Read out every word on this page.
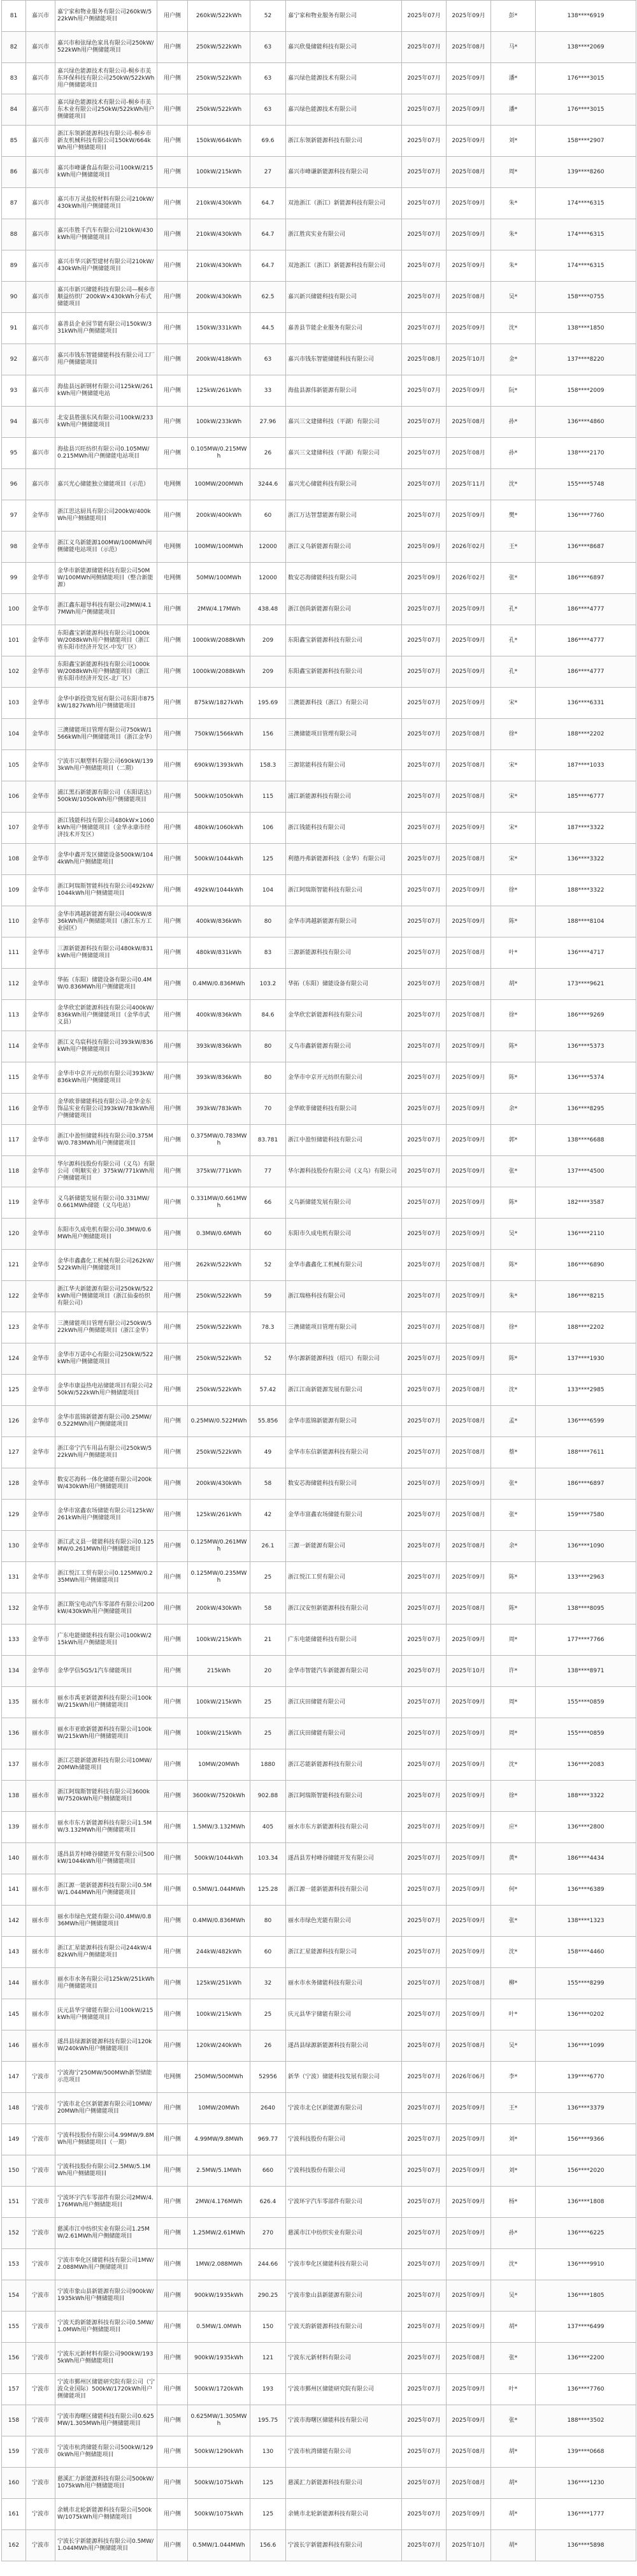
81	嘉兴市	嘉宁家和物业服务有限公司260kW/522kWh用户侧储能项目	用户侧	260kW/522kWh	52	嘉宁家和物业服务有限公司	2025年07月	2025年09月	彭*	138****6919
82	嘉兴市	嘉兴市和弦绿色家具有限公司250kW/522kWh用户侧储能项目	用户侧	250kW/522kWh	63	嘉兴欣曼储能科技有限公司	2025年07月	2025年08月	马*	138****2069
83	嘉兴市	嘉兴绿色能源技术有限公司-桐乡市美东环保科技有限公司250kW/522kWh用户侧储能项目	用户侧	250kW/522kWh	63	嘉兴绿色能源技术有限公司	2025年07月	2025年09月	潘*	176****3015
84	嘉兴市	嘉兴绿色能源技术有限公司-桐乡市美东木业有限公司250kW/522kWh用户侧储能项目	用户侧	250kW/522kWh	63	嘉兴绿色能源技术有限公司	2025年07月	2025年09月	潘*	176****3015
85	嘉兴市	浙江东领新能源科技有限公司-桐乡市新友机械科技有限公司150kW/664kWh用户侧储能项目	用户侧	150kW/664kWh	69.6	浙江东领新能源科技有限公司	2025年07月	2025年09月	刘*	158****2907
86	嘉兴市	嘉兴市峰谦食品有限公司100kW/215kWh用户侧储能项目	用户侧	100kW/215kWh	27	嘉兴市峰谦新能源科技有限公司	2025年07月	2025年08月	周*	139****8260
87	嘉兴市	嘉兴市万灵盐胶材料有限公司210kW/430kWh用户侧储能项目	用户侧	210kW/430kWh	64.7	双池浙江（浙江）新能源科技有限公司	2025年07月	2025年09月	朱*	174****6315
88	嘉兴市	嘉兴市胜千汽车有限公司210kW/430kWh用户侧储能项目	用户侧	210kW/430kWh	64.7	浙江胜宾实业有限公司	2025年07月	2025年09月	朱*	174****6315
89	嘉兴市	嘉兴市华兴新型建材有限公司210kW/430kWh用户侧储能项目	用户侧	210kW/430kWh	64.7	双池浙江（浙江）新能源科技有限公司	2025年07月	2025年09月	朱*	174****6315
90	嘉兴市	嘉兴市新兴储能科技有限公司—桐乡市顺益纺织厂200kW×430kWh分布式储能项目	用户侧	200kW/430kWh	62.5	嘉兴新兴储能科技有限公司	2025年07月	2025年08月	吴*	158****0755
91	嘉兴市	嘉善县企业园节能有限公司150kW/331kWh用户侧储能项目	用户侧	150kW/331kWh	44.5	嘉善县节能企业服务有限公司	2025年07月	2025年09月	沈*	138****1850
92	嘉兴市	嘉兴市钱东智能储能科技有限公司工厂用户侧储能项目	用户侧	200kW/418kWh	63	嘉兴市钱东智能储能科技有限公司	2025年08月	2025年10月	金*	137****8220
93	嘉兴市	海盐县远新钢材有限公司125kW/261kWh用户侧储能电站	用户侧	125kW/261kWh	33	海盐县源伟新能源有限公司	2025年07月	2025年09月	阮*	158****2009
94	嘉兴市	北安县胜强东风有限公司100kW/233kWh用户侧储能项目	用户侧	100kW/233kWh	27.96	嘉兴三文建储科技（平湖）有限公司	2025年07月	2025年08月	孙*	136****4860
95	嘉兴市	海盐县兴旺纺织有限公司0.105MW/0.215MWh用户侧储能电站项目	用户侧	0.105MW/0.215MWh	26	嘉兴三文建储科技（平湖）有限公司	2025年07月	2025年08月	孙*	138****2170
96	嘉兴市	嘉兴光心储能独立储能项目（示范）	电网侧	100MW/200MWh	3244.6	嘉兴光心储能科技有限公司	2025年07月	2025年11月	沈*	155****5748
97	金华市	浙江思达厨具有限公司200kW/400kWh用户侧储能项目	用户侧	200kW/400kWh	60	浙江万达智慧能源有限公司	2025年07月	2025年09月	樊*	136****7760
98	金华市	浙江义乌新能源100MW/100MWh网侧储能电站项目（示范）	电网侧	100MW/100MWh	12000	浙江义乌新能源有限公司	2025年09月	2026年02月	王*	136****8687
99	金华市	金华市新能源储能科技有限公司50MW/100MWh网侧储能项目（整合新能源）	电网侧	50MW/100MWh	12000	数安芯海储能科技有限公司	2025年09月	2026年02月	张*	186****6897
100	金华市	浙江鑫东超导科技有限公司2MW/4.17MWh用户侧储能项目	用户侧	2MW/4.17MWh	438.48	浙江创尚新能源有限公司	2025年07月	2025年09月	孔*	186****4777
101	金华市	东阳鑫宝新能源科技有限公司1000kW/2088kWh用户侧储能项目（浙江省东阳市经济开发区-中发厂区）	用户侧	1000kW/2088kWh	209	东阳鑫宝新能源科技有限公司	2025年07月	2025年09月	孔*	186****4777
102	金华市	东阳鑫宝新能源科技有限公司1000kW/2088kWh用户侧储能项目（浙江省东阳市经济开发区-北厂区）	用户侧	1000kW/2088kWh	209	东阳鑫宝新能源科技有限公司	2025年07月	2025年09月	孔*	186****4777
103	金华市	金华中新投资发展有限公司东阳市875kW/1827kWh用户侧储能项目	用户侧	875kW/1827kWh	195.69	三澳能源科技（浙江）有限公司	2025年07月	2025年09月	宋*	136****6331
104	金华市	三澳储能项目管理有限公司750kW/1566kWh用户侧储能项目（浙江金华）	用户侧	750kW/1566kWh	156	三澳储能项目管理有限公司	2025年07月	2025年08月	徐*	188****2202
105	金华市	宁波市兴顺塑料有限公司690kW/1393kWh用户侧储能项目（二期）	用户侧	690kW/1393kWh	158.3	三源铭能科技有限公司	2025年07月	2025年08月	宋*	187****1033
106	金华市	浦江黑石新能源有限公司（东阳诺达）500kW/1050kWh用户侧储能项目	用户侧	500kW/1050kWh	115	浦江新能源科技有限公司	2025年07月	2025年08月	宋*	185****6777
107	金华市	浙江钱能科技有限公司480kW×1060kWh用户侧储能项目（金华永康市经济技术开发区）	用户侧	480kW/1060kWh	106	浙江钱能科技有限公司	2025年07月	2025年09月	宋*	187****3322
108	金华市	金华中鑫开发区储能设备500kW/1044kWh用户侧储能项目	用户侧	500kW/1044kWh	125	利德丹弗新能源科技（金华）有限公司	2025年07月	2025年08月	宋*	136****3322
109	金华市	浙江阿瑞斯智能科技有限公司492kW/1044kWh用户侧储能项目	用户侧	492kW/1044kWh	104	浙江阿瑞斯智能科技有限公司	2025年07月	2025年09月	徐*	188****3322
110	金华市	金华市鸿越新能源有限公司400kW/836kWh用户侧储能项目（浙江东方工业园区）	用户侧	400kW/836kWh	80	金华市鸿越新能源有限公司	2025年07月	2025年09月	陈*	188****8104
111	金华市	三源新能源科技有限公司480kW/831kWh用户侧储能项目	用户侧	480kW/831kWh	83	三源新能源科技有限公司	2025年07月	2025年08月	叶*	136****4717
112	金华市	华拓（东阳）储能设备有限公司0.4MW/0.836MWh用户侧储能项目	用户侧	0.4MW/0.836MWh	103.2	华拓（东阳）储能设备有限公司	2025年07月	2025年08月	胡*	173****9621
113	金华市	金华欣宏新能源科技有限公司400kW/836kWh用户侧储能项目（金华市武义县）	用户侧	400kW/836kWh	84.6	金华欣宏新能源科技有限公司	2025年07月	2025年08月	徐*	186****9269
114	金华市	浙江义乌宸科技有限公司393kW/836kWh用户侧储能项目	用户侧	393kW/836kWh	80	义乌市鑫新能源有限公司	2025年07月	2025年09月	陈*	136****5373
115	金华市	金华市中京开元纺织有限公司393kW/836kWh用户侧储能项目	用户侧	393kW/836kWh	80	金华市中京开元纺织有限公司	2025年07月	2025年09月	陈*	136****5374
116	金华市	金华欧菲储能科技有限公司-金华金东饰品实业有限公司393kW/783kWh用户侧储能项目	用户侧	393kW/783kWh	70	金华欧菲储能科技有限公司	2025年07月	2025年09月	余*	136****8295
117	金华市	浙江中盈恒储能科技有限公司0.375MW/0.783MWh用户侧储能项目	用户侧	0.375MW/0.783MWh	83.781	浙江中盈恒储能科技有限公司	2025年07月	2025年09月	郭*	138****6688
118	金华市	华尔源科技股份有限公司（义乌）有限公司（明顺实业）375kW/771kWh用户侧储能项目	用户侧	375kW/771kWh	77	华尔源科技股份有限公司（义乌）有限公司	2025年07月	2025年09月	张*	137****4500
119	金华市	义乌新储能发展有限公司0.331MW/0.661MWh储能（义乌电站）	用户侧	0.331MW/0.661MWh	66	义乌新储能发展有限公司	2025年07月	2025年09月	陈*	182****3587
120	金华市	东阳市久成电机有限公司0.3MW/0.6MWh用户侧储能项目	用户侧	0.3MW/0.6MWh	60	东阳市久成电机有限公司	2025年07月	2025年09月	吴*	136****2110
121	金华市	金华市鑫鑫化工机械有限公司262kW/522kWh用户侧储能项目	用户侧	262kW/522kWh	52	金华市鑫鑫化工机械有限公司	2025年07月	2025年08月	陈*	186****6890
122	金华市	浙江华夫新能源有限公司250kW/522kWh用户侧储能项目（浙江仙泰纺织有限公司）	用户侧	250kW/522kWh	59	浙江瑞格科技有限公司	2025年07月	2025年09月	朱*	186****8215
123	金华市	三澳储能项目管理有限公司250kW/522kWh用户侧储能项目（浙江金华）	用户侧	250kW/522kWh	78.3	三澳储能项目管理有限公司	2025年07月	2025年08月	徐*	188****2202
124	金华市	金华市万诺中心有限公司250kW/522kWh用户侧储能项目	用户侧	250kW/522kWh	52	华尔源新能源科技（绍兴）有限公司	2025年07月	2025年09月	陈*	137****1930
125	金华市	金华市康益热电站储能项目有限公司250kW/522kWh用户侧储能项目	用户侧	250kW/522kWh	57.42	浙江江南新能源发展有限公司	2025年07月	2025年08月	沈*	133****2985
126	金华市	金华市蓝锦新能源有限公司0.25MW/0.522MWh用户侧储能项目	用户侧	0.25MW/0.522MWh	55.856	金华市蓝锦新能源有限公司	2025年07月	2025年08月	孟*	136****6599
127	金华市	浙江帝宁汽车用品有限公司250kW/522kWh用户侧储能项目	用户侧	250kW/522kWh	49	金华市东信新能源科技有限公司	2025年07月	2025年08月	蔡*	188****7611
128	金华市	数安芯海科一体化储能有限公司200kW/430kWh用户侧储能项目	用户侧	200kW/430kWh	58	数安芯海储能科技有限公司	2025年07月	2025年09月	张*	186****6897
129	金华市	金华市富鑫农场储能有限公司125kW/261kWh用户侧储能项目	用户侧	125kW/261kWh	42	金华市富鑫农场储能有限公司	2025年07月	2025年08月	张*	159****7580
130	金华市	浙江武义县一能能科技有限公司0.125MW/0.261MWh用户侧储能项目	用户侧	0.125MW/0.261MWh	26.1	三源一新能源有限公司	2025年07月	2025年08月	余*	136****1090
131	金华市	浙江悦江工贸有限公司0.125MW/0.235MWh用户侧储能项目	用户侧	0.125MW/0.235MWh	25	浙江悦江工贸有限公司	2025年07月	2025年09月	陈*	133****2963
132	金华市	浙江斯宝电动汽车零部件有限公司200kW/430kWh用户侧储能项目	用户侧	200kW/430kWh	58	浙江汉安恒新能源科技有限公司	2025年07月	2025年08月	陈*	138****8095
133	金华市	广东电能储能科技有限公司100kW/215kWh用户侧储能项目	用户侧	100kW/215kWh	21	广东电能储能科技有限公司	2025年07月	2025年09月	周*	177****7766
134	金华市	金华学信5G5/1汽车储能项目	用户侧	215kWh	20	金华市智能汽车新能源有限公司	2025年07月	2025年10月	许*	138****8971
135	丽水市	丽水市禹亚新能源科技有限公司100kW/215kWh用户侧储能项目	用户侧	100kW/215kWh	25	浙江庆田储能有限公司	2025年07月	2025年09月	周*	155****0859
136	丽水市	丽水市亚欧新能源科技有限公司100kW/215kWh用户侧储能项目	用户侧	100kW/215kWh	25	浙江庆田储能有限公司	2025年07月	2025年09月	周*	155****0859
137	丽水市	浙江芯能新能源科技有限公司10MW/20MWh储能项目	用户侧	10MW/20MWh	1880	浙江芯能新能源科技有限公司	2025年07月	2025年09月	沈*	136****2083
138	丽水市	浙江阿瑞斯智能科技有限公司3600kW/7520kWh用户侧储能项目	用户侧	3600kW/7520kWh	902.88	浙江阿瑞斯智能科技有限公司	2025年07月	2025年09月	徐*	188****3322
139	丽水市	丽水市东方新能源科技有限公司1.5MW/3.132MWh用户侧储能项目	用户侧	1.5MW/3.132MWh	405	丽水市东方新能源科技有限公司	2025年07月	2025年09月	应*	136****2800
140	丽水市	遂昌县芳村峰谷储能开发有限公司500kW/1044kWh用户侧储能项目	用户侧	500kW/1044kWh	103.34	遂昌县芳村峰谷储能开发有限公司	2025年07月	2025年09月	黄*	186****4434
141	丽水市	浙江源一能新能源科技有限公司0.5MW/1.044MWh用户侧储能项目	用户侧	0.5MW/1.044MWh	125.28	浙江源一能新能源科技有限公司	2025年07月	2025年09月	何*	136****6389
142	丽水市	丽水市绿色光能有限公司0.4MW/0.836MWh用户侧储能项目	用户侧	0.4MW/0.836MWh	80	丽水市绿色光能有限公司	2025年07月	2025年09月	张*	138****1323
143	丽水市	浙江汇星能源科技有限公司244kW/482kWh用户侧储能项目	用户侧	244kW/482kWh	60	浙江汇星能源科技有限公司	2025年07月	2025年09月	沈*	158****4460
144	丽水市	丽水市水务有限公司125kW/251kWh用户侧储能项目	用户侧	125kW/251kWh	32	丽水市水务储能科技有限公司	2025年07月	2025年08月	柳*	155****8299
145	丽水市	庆元县华宇储能有限公司100kW/215kWh用户侧储能项目	用户侧	100kW/215kWh	25	庆元县华宇储能有限公司	2025年07月	2025年09月	叶*	136****0202
146	丽水市	遂昌县绿源新能源科技有限公司120kW/240kWh用户侧储能项目	用户侧	120kW/240kWh	26	遂昌县绿源新能源科技有限公司	2025年07月	2025年08月	吴*	136****1099
147	宁波市	宁波海宁250MW/500MWh新型储能示范项目	电网侧	250MW/500MWh	52956	新华（宁波）储能科技发展有限公司	2025年07月	2026年06月	李*	139****6770
148	宁波市	宁波市北仑区新能源有限公司10MW/20MWh用户侧储能项目	用户侧	10MW/20MWh	2640	宁波市北仑区新能源有限公司	2025年07月	2025年09月	王*	136****3379
149	宁波市	宁波科技股份有限公司4.99MW/9.8MWh用户侧储能项目（一期）	用户侧	4.99MW/9.8MWh	969.77	宁波科技股份有限公司	2025年07月	2025年09月	刘*	156****9366
150	宁波市	宁波科技股份有限公司2.5MW/5.1MWh用户侧储能项目	用户侧	2.5MW/5.1MWh	660	宁波科技股份有限公司	2025年07月	2025年09月	刘*	156****2020
151	宁波市	宁波环宇汽车零部件有限公司2MW/4.176MWh用户侧储能项目	用户侧	2MW/4.176MWh	626.4	宁波环宇汽车零部件有限公司	2025年07月	2025年09月	杨*	136****1808
152	宁波市	慈溪市江中纺织实业有限公司1.25MW/2.61MWh用户侧储能项目	用户侧	1.25MW/2.61MWh	270	慈溪市江中纺织实业有限公司	2025年07月	2025年09月	孙*	136****6225
153	宁波市	宁波市奉化区储能科技有限公司1MW/2.088MWh用户侧储能项目	用户侧	1MW/2.088MWh	244.66	宁波市奉化区储能科技有限公司	2025年07月	2025年09月	沈*	136****9910
154	宁波市	宁波市象山县新能源有限公司900kW/1935kWh用户侧储能项目	用户侧	900kW/1935kWh	290.25	宁波市象山县新能源有限公司	2025年07月	2025年09月	吴*	136****1805
155	宁波市	宁波天韵新能源科技有限公司0.5MW/1.0MWh用户侧储能项目	用户侧	0.5MW/1.0MWh	150	宁波天韵新能源科技有限公司	2025年07月	2025年09月	胡*	137****6499
156	宁波市	宁波东元新材料有限公司900kW/1935kWh用户侧储能项目	用户侧	900kW/1935kWh	121	宁波东元新材料有限公司	2025年07月	2025年08月	张*	136****2200
157	宁波市	宁波市鄞州区储能研究院有限公司（宁波众业国际）500kW/1720kWh用户侧储能项目	用户侧	500kW/1720kWh	193	宁波市鄞州区储能研究院有限公司	2025年07月	2025年09月	叶*	136****7760
158	宁波市	宁波市海曙区储能科技有限公司0.625MW/1.305MWh用户侧储能项目	用户侧	0.625MW/1.305MWh	195.75	宁波市海曙区储能科技有限公司	2025年07月	2025年09月	张*	188****3502
159	宁波市	宁波市杭湾储能有限公司500kW/1290kWh用户侧储能项目	用户侧	500kW/1290kWh	130	宁波市杭湾储能有限公司	2025年07月	2025年08月	胡*	139****0668
160	宁波市	慈溪汇力新能源科技有限公司500kW/1075kWh用户侧储能项目	用户侧	500kW/1075kWh	125	慈溪汇力新能源科技有限公司	2025年07月	2025年08月	胡*	136****1230
161	宁波市	余姚市北轮新能源科技有限公司500kW/1075kWh用户侧储能项目	用户侧	500kW/1075kWh	125	余姚市北轮新能源科技有限公司	2025年07月	2025年09月	胡*	136****1777
162	宁波市	宁波长宇新能源科技有限公司0.5MW/1.044MWh用户侧储能项目	用户侧	0.5MW/1.044MWh	156.6	宁波长宇新能源科技有限公司	2025年07月	2025年10月	胡*	136****5898
